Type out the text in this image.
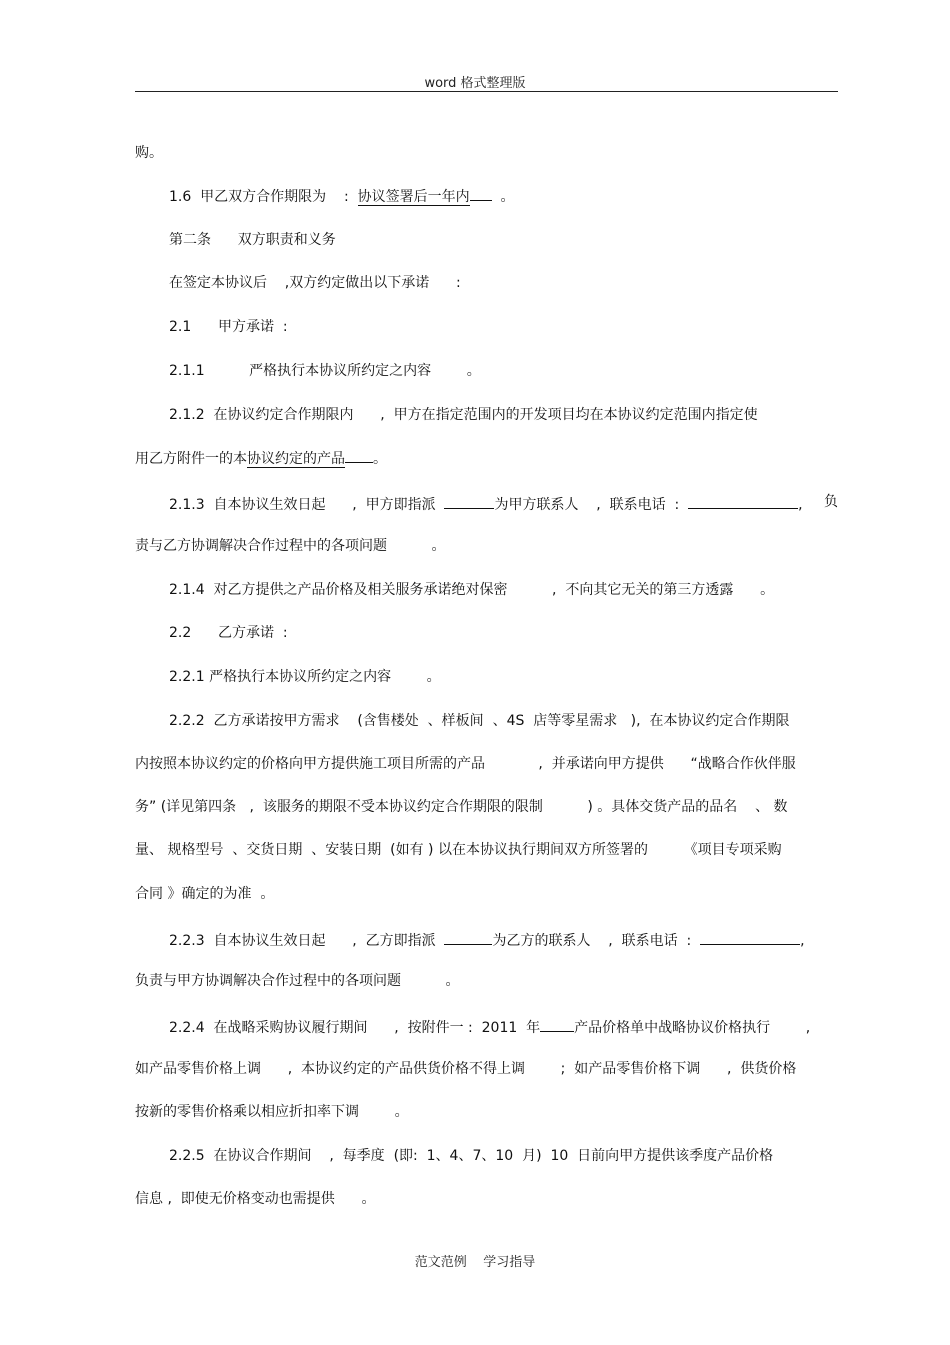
word 格式整理版
购。
1.6  甲乙双方合作期限为    :  协议签署后一年内  。
第二条      双方职责和义务
在签定本协议后    ,双方约定做出以下承诺      :
2.1      甲方承诺  :
2.1.1          严格执行本协议所约定之内容        。
2.1.2  在协议约定合作期限内      ,  甲方在指定范围内的开发项目均在本协议约定范围内指定使
用乙方附件一的本协议约定的产品 。
2.1.3  自本协议生效日起      ,  甲方即指派	为甲方联系人    ,  联系电话  :	, 负
责与乙方协调解决合作过程中的各项问题          。
2.1.4  对乙方提供之产品价格及相关服务承诺绝对保密          ,  不向其它无关的第三方透露      。
2.2      乙方承诺  :
2.2.1 严格执行本协议所约定之内容        。
2.2.2  乙方承诺按甲方需求    (含售楼处  、样板间  、4S  店等零星需求   ),  在本协议约定合作期限
内按照本协议约定的价格向甲方提供施工项目所需的产品            ,  并承诺向甲方提供      “战略合作伙伴服
务” (详见第四条   ,  该服务的期限不受本协议约定合作期限的限制          ) 。具体交货产品的品名    、 数
量、 规格型号  、交货日期  、安装日期  (如有 ) 以在本协议执行期间双方所签署的        《项目专项采购
合同 》确定的为准  。
2.2.3  自本协议生效日起      ,  乙方即指派	为乙方的联系人    ,  联系电话  :	,
负责与甲方协调解决合作过程中的各项问题          。
2.2.4  在战略采购协议履行期间      ,  按附件一 :  2011  年 产品价格单中战略协议价格执行        ,
如产品零售价格上调      ,  本协议约定的产品供货价格不得上调        ;  如产品零售价格下调      ,  供货价格
按新的零售价格乘以相应折扣率下调        。
2.2.5  在协议合作期间    ,  每季度  (即:  1、4、7、10  月)  10  日前向甲方提供该季度产品价格
信息 ,  即使无价格变动也需提供      。
范文范例    学习指导
